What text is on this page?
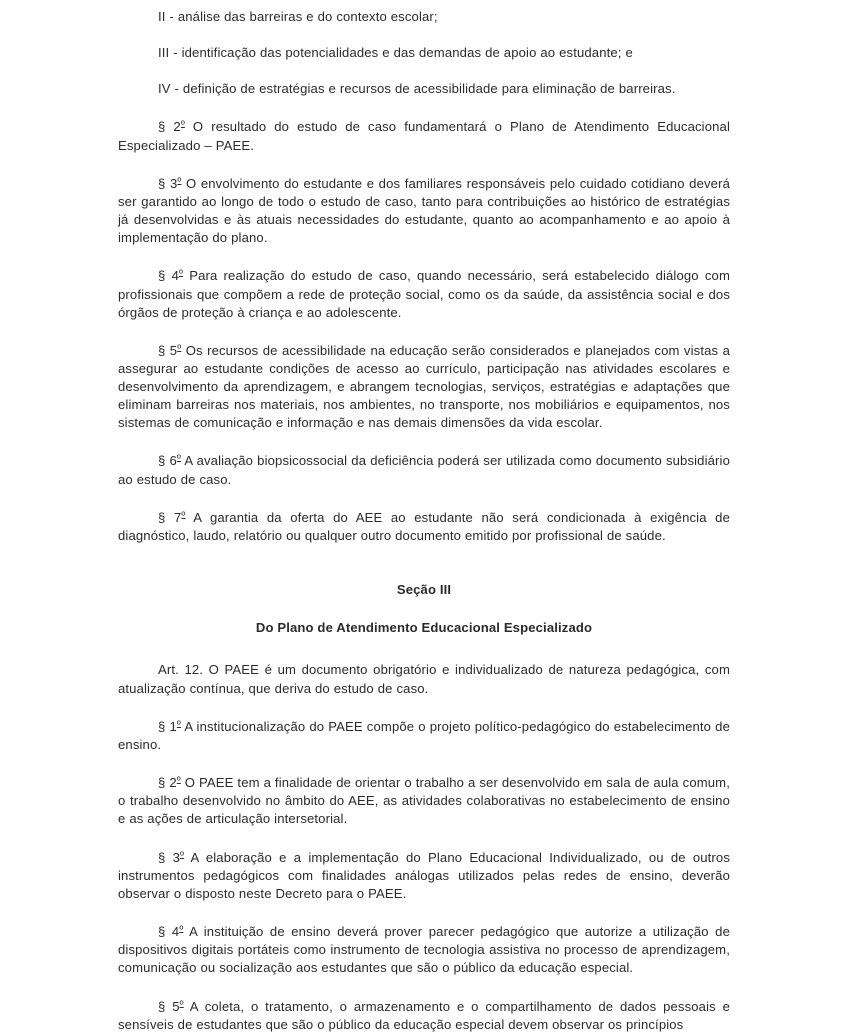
II - análise das barreiras e do contexto escolar;

III - identificação das potencialidades e das demandas de apoio ao estudante; e

IV - definição de estratégias e recursos de acessibilidade para eliminação de barreiras.

§ $2^º$ O resultado do estudo de caso fundamentará o Plano de Atendimento Educacional Especializado – PAEE.

§ $3^º$ O envolvimento do estudante e dos familiares responsáveis pelo cuidado cotidiano deverá ser garantido ao longo de todo o estudo de caso, tanto para contribuições ao histórico de estratégias já desenvolvidas e às atuais necessidades do estudante, quanto ao acompanhamento e ao apoio à implementação do plano.

§ $4^º$ Para realização do estudo de caso, quando necessário, será estabelecido diálogo com profissionais que compõem a rede de proteção social, como os da saúde, da assistência social e dos órgãos de proteção à criança e ao adolescente.

§ $5^º$ Os recursos de acessibilidade na educação serão considerados e planejados com vistas a assegurar ao estudante condições de acesso ao currículo, participação nas atividades escolares e desenvolvimento da aprendizagem, e abrangem tecnologias, serviços, estratégias e adaptações que eliminam barreiras nos materiais, nos ambientes, no transporte, nos mobiliários e equipamentos, nos sistemas de comunicação e informação e nas demais dimensões da vida escolar.

§ $6^º$ A avaliação biopsicossocial da deficiência poderá ser utilizada como documento subsidiário ao estudo de caso.

§ $7^º$ A garantia da oferta do AEE ao estudante não será condicionada à exigência de diagnóstico, laudo, relatório ou qualquer outro documento emitido por profissional de saúde.

Seção III
Do Plano de Atendimento Educacional Especializado

Art. 12. O PAEE é um documento obrigatório e individualizado de natureza pedagógica, com atualização contínua, que deriva do estudo de caso.

§ $1^º$ A institucionalização do PAEE compõe o projeto político-pedagógico do estabelecimento de ensino.

§ $2^º$ O PAEE tem a finalidade de orientar o trabalho a ser desenvolvido em sala de aula comum, o trabalho desenvolvido no âmbito do AEE, as atividades colaborativas no estabelecimento de ensino e as ações de articulação intersetorial.

§ $3^º$ A elaboração e a implementação do Plano Educacional Individualizado, ou de outros instrumentos pedagógicos com finalidades análogas utilizados pelas redes de ensino, deverão observar o disposto neste Decreto para o PAEE.

§ $4^º$ A instituição de ensino deverá prover parecer pedagógico que autorize a utilização de dispositivos digitais portáteis como instrumento de tecnologia assistiva no processo de aprendizagem, comunicação ou socialização aos estudantes que são o público da educação especial.

§ $5^º$ A coleta, o tratamento, o armazenamento e o compartilhamento de dados pessoais e sensíveis de estudantes que são o público da educação especial devem observar os princípios
